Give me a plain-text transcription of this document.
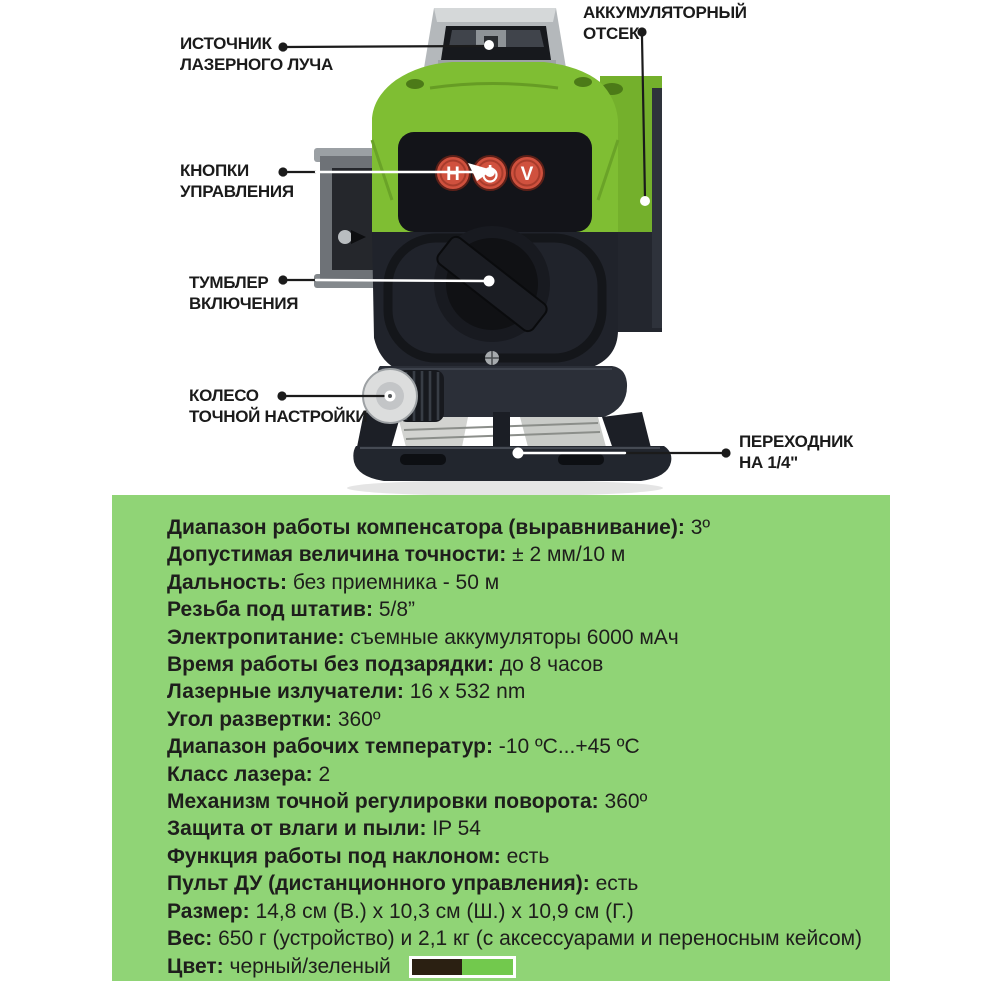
H	V
ИСТОЧНИК
ЛАЗЕРНОГО ЛУЧА
АККУМУЛЯТОРНЫЙ
ОТСЕК
КНОПКИ
УПРАВЛЕНИЯ
ТУМБЛЕР
ВКЛЮЧЕНИЯ
КОЛЕСО
ТОЧНОЙ НАСТРОЙКИ
ПЕРЕХОДНИК
НА 1/4"
Диапазон работы компенсатора (выравнивание): 3º
Допустимая величина точности: ± 2 мм/10 м
Дальность: без приемника - 50 м
Резьба под штатив: 5/8”
Электропитание: съемные аккумуляторы 6000 мАч
Время работы без подзарядки: до 8 часов
Лазерные излучатели: 16 x 532 nm
Угол развертки: 360º
Диапазон рабочих температур: -10 ºС...+45 ºС
Класс лазера: 2
Механизм точной регулировки поворота: 360º
Защита от влаги и пыли: IP 54
Функция работы под наклоном: есть
Пульт ДУ (дистанционного управления): есть
Размер: 14,8 см (В.) x 10,3 см (Ш.) x 10,9 см (Г.)
Вес: 650 г (устройство) и 2,1 кг (с аксессуарами и переносным кейсом)
Цвет: черный/зеленый
